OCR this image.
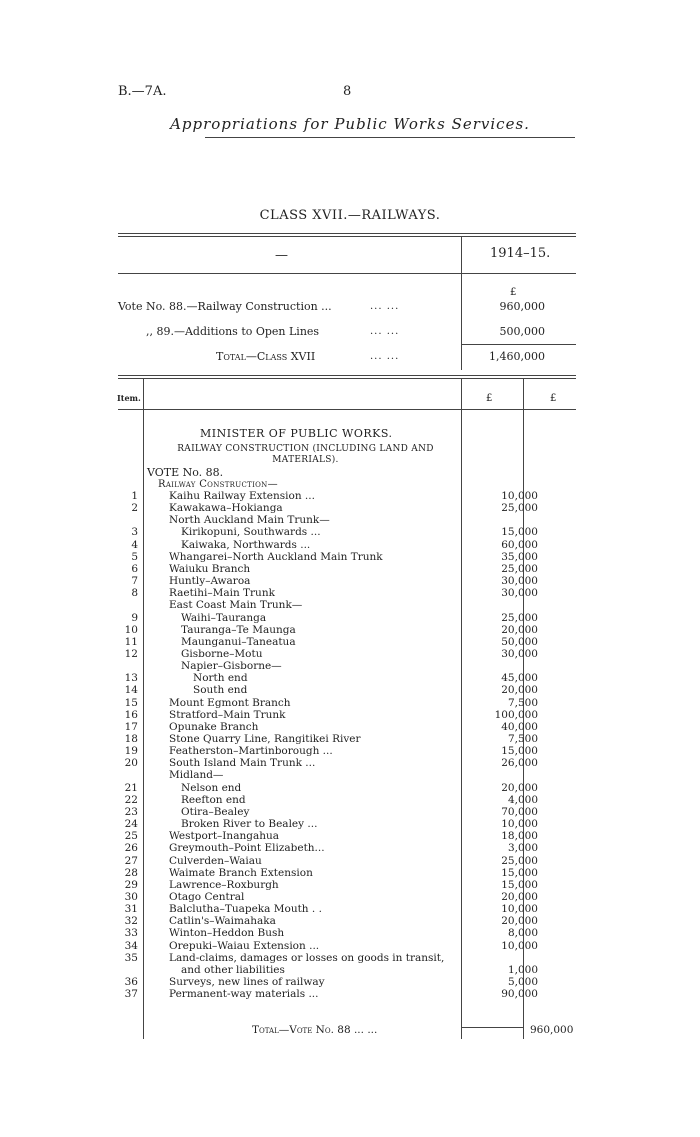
B.—7A.	8
Appropriations for Public Works Services.
CLASS XVII.—RAILWAYS.
—	1914–15.
£
Vote No. 88.—Railway Construction ...	... ...	960,000
,, 89.—Additions to Open Lines	... ...	500,000
Total—Class XVII	... ...	1,460,000
Item.	£	£
MINISTER OF PUBLIC WORKS.
RAILWAY CONSTRUCTION (INCLUDING LAND AND MATERIALS).
VOTE No. 88.
Railway Construction—
1	Kaihu Railway Extension ...	10,000
2	Kawakawa–Hokianga	25,000
North Auckland Main Trunk—
3	Kirikopuni, Southwards ...	15,000
4	Kaiwaka, Northwards ...	60,000
5	Whangarei–North Auckland Main Trunk	35,000
6	Waiuku Branch	25,000
7	Huntly–Awaroa	30,000
8	Raetihi–Main Trunk	30,000
East Coast Main Trunk—
9	Waihi–Tauranga	25,000
10	Tauranga–Te Maunga	20,000
11	Maunganui–Taneatua	50,000
12	Gisborne–Motu	30,000
Napier–Gisborne—
13	North end	45,000
14	South end	20,000
15	Mount Egmont Branch	7,500
16	Stratford–Main Trunk	100,000
17	Opunake Branch	40,000
18	Stone Quarry Line, Rangitikei River	7,500
19	Featherston–Martinborough ...	15,000
20	South Island Main Trunk ...	26,000
Midland—
21	Nelson end	20,000
22	Reefton end	4,000
23	Otira–Bealey	70,000
24	Broken River to Bealey ...	10,000
25	Westport–Inangahua	18,000
26	Greymouth–Point Elizabeth...	3,000
27	Culverden–Waiau	25,000
28	Waimate Branch Extension	15,000
29	Lawrence–Roxburgh	15,000
30	Otago Central	20,000
31	Balclutha–Tuapeka Mouth . .	10,000
32	Catlin's–Waimahaka	20,000
33	Winton–Heddon Bush	8,000
34	Orepuki–Waiau Extension ...	10,000
35	Land-claims, damages or losses on goods in transit,
and other liabilities	1,000
36	Surveys, new lines of railway	5,000
37	Permanent-way materials ...	90,000
Total—Vote No. 88 ... ...	960,000
